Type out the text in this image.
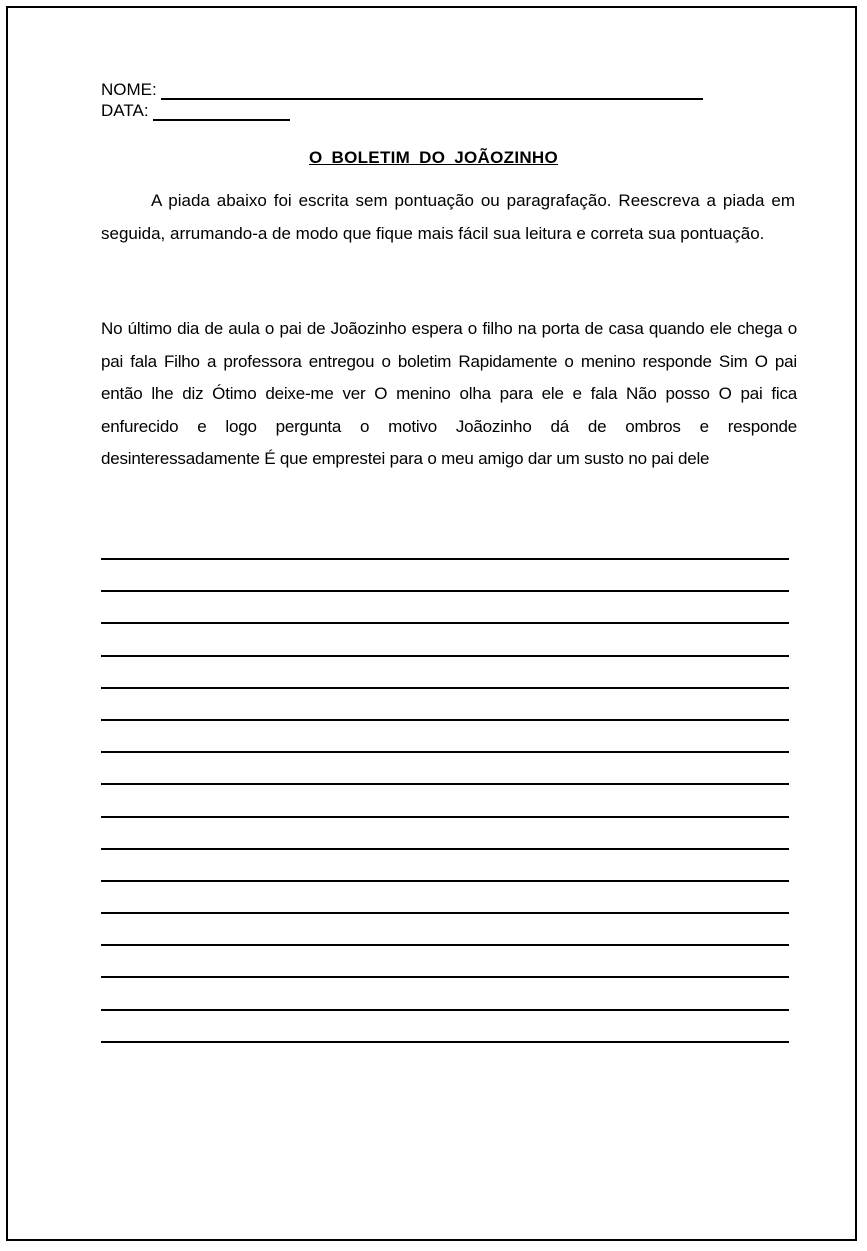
NOME:
DATA:
O BOLETIM DO JOÃOZINHO

A piada abaixo foi escrita sem pontuação ou paragrafação. Reescreva a piada em seguida, arrumando-a de modo que fique mais fácil sua leitura e correta sua pontuação.

No último dia de aula o pai de Joãozinho espera o filho na porta de casa quando ele chega o pai fala Filho a professora entregou o boletim Rapidamente o menino responde Sim O pai então lhe diz Ótimo deixe-me ver O menino olha para ele e fala Não posso O pai fica enfurecido e logo pergunta o motivo Joãozinho dá de ombros e responde desinteressadamente É que emprestei para o meu amigo dar um susto no pai dele
